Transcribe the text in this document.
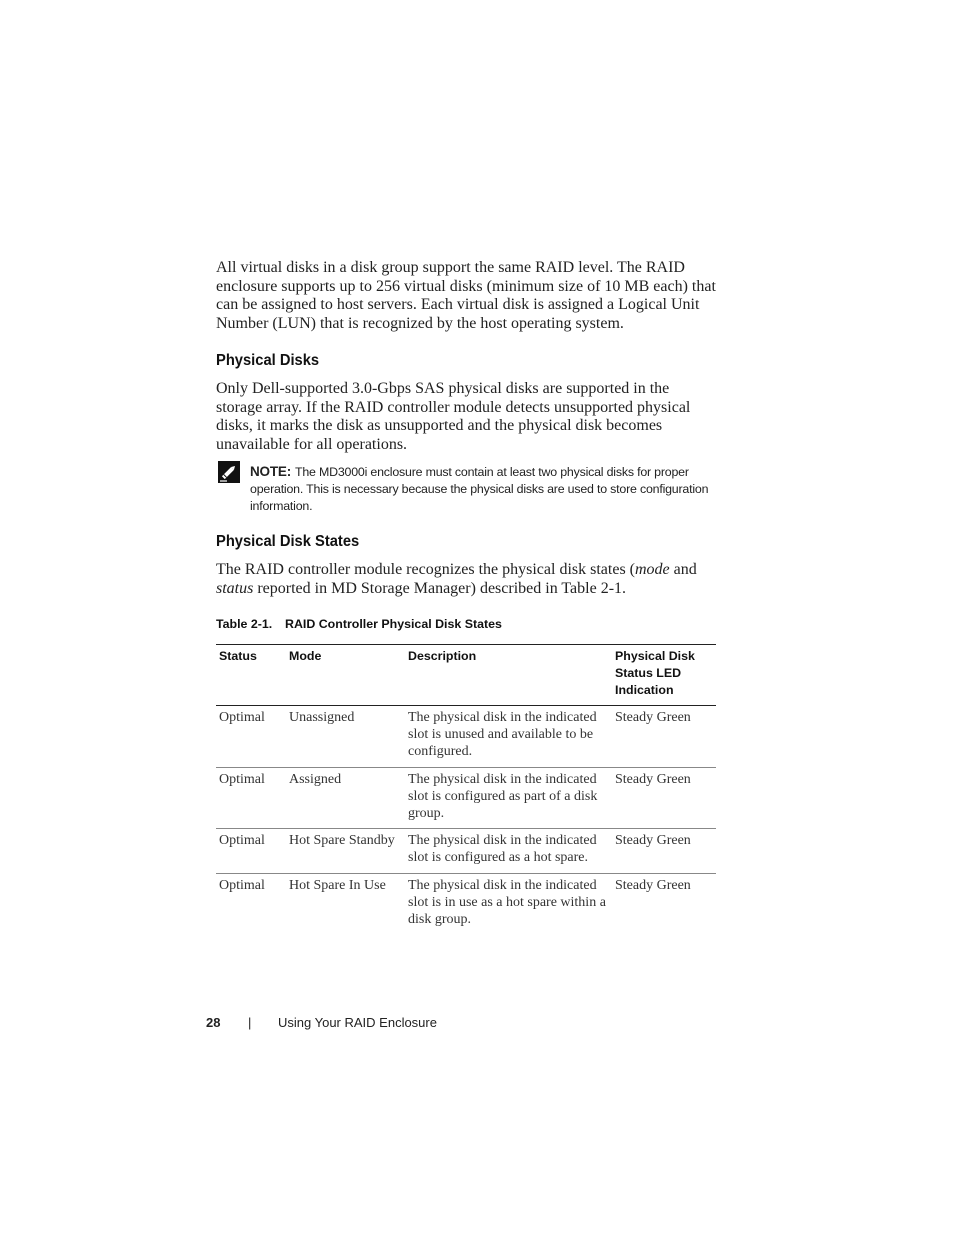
All virtual disks in a disk group support the same RAID level. The RAID enclosure supports up to 256 virtual disks (minimum size of 10 MB each) that can be assigned to host servers. Each virtual disk is assigned a Logical Unit Number (LUN) that is recognized by the host operating system.

Physical Disks

Only Dell-supported 3.0-Gbps SAS physical disks are supported in the storage array. If the RAID controller module detects unsupported physical disks, it marks the disk as unsupported and the physical disk becomes unavailable for all operations.

NOTE: The MD3000i enclosure must contain at least two physical disks for proper operation. This is necessary because the physical disks are used to store configuration information.
Physical Disk States

The RAID controller module recognizes the physical disk states (mode and status reported in MD Storage Manager) described in Table 2-1.

Table 2-1. RAID Controller Physical Disk States
Status	Mode	Description	Physical Disk Status LED Indication
Optimal	Unassigned	The physical disk in the indicated slot is unused and available to be configured.	Steady Green
Optimal	Assigned	The physical disk in the indicated slot is configured as part of a disk group.	Steady Green
Optimal	Hot Spare Standby	The physical disk in the indicated slot is configured as a hot spare.	Steady Green
Optimal	Hot Spare In Use	The physical disk in the indicated slot is in use as a hot spare within a disk group.	Steady Green
28 | Using Your RAID Enclosure
